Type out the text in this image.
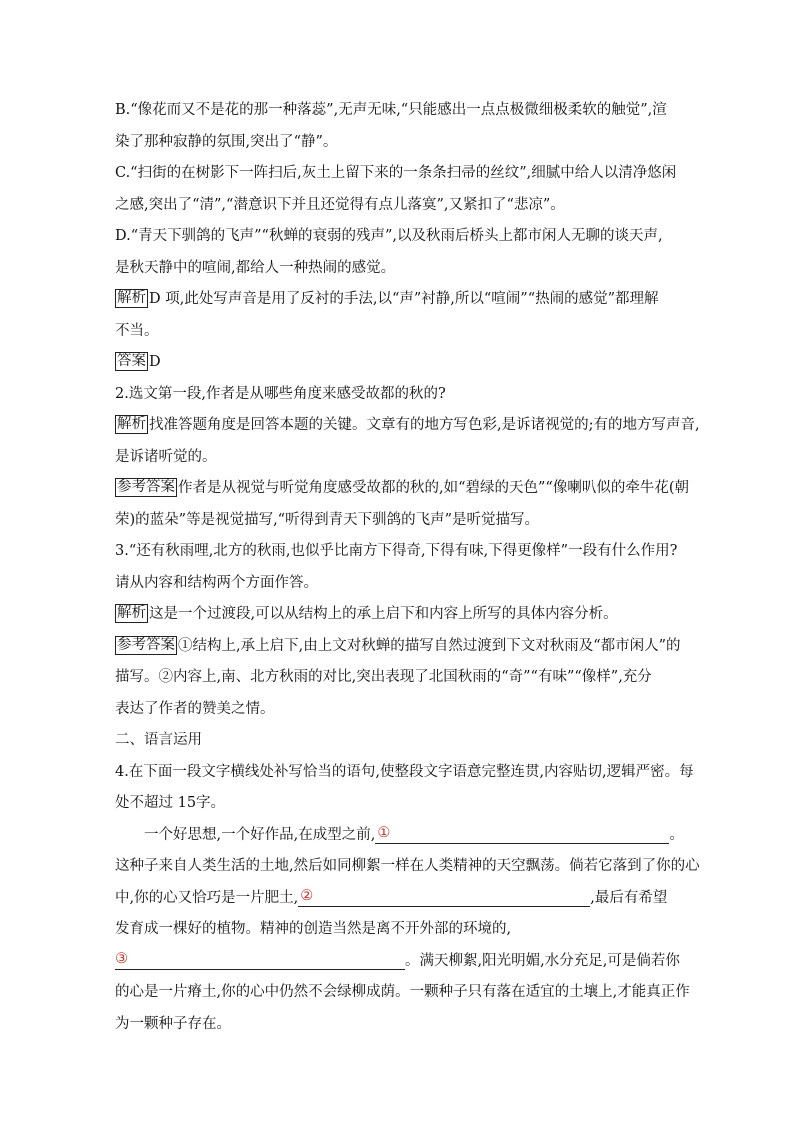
B.“像花而又不是花的那一种落蕊”,无声无味,“只能感出一点点极微细极柔软的触觉”,渲
染了那种寂静的氛围,突出了“静”。
C.“扫街的在树影下一阵扫后,灰土上留下来的一条条扫帚的丝纹”,细腻中给人以清净悠闲
之感,突出了“清”,“潜意识下并且还觉得有点儿落寞”,又紧扣了“悲凉”。
D.“青天下驯鸽的飞声”“秋蝉的衰弱的残声”,以及秋雨后桥头上都市闲人无聊的谈天声,
是秋天静中的喧闹,都给人一种热闹的感觉。
解析 D 项,此处写声音是用了反衬的手法,以“声”衬静,所以“喧闹”“热闹的感觉”都理解
不当。
答案 D
2.选文第一段,作者是从哪些角度来感受故都的秋的?
解析 找准答题角度是回答本题的关键。文章有的地方写色彩,是诉诸视觉的;有的地方写声音,
是诉诸听觉的。
参考答案 作者是从视觉与听觉角度感受故都的秋的,如“碧绿的天色”“像喇叭似的牵牛花(朝
荣)的蓝朵”等是视觉描写,“听得到青天下驯鸽的飞声”是听觉描写。
3.“还有秋雨哩,北方的秋雨,也似乎比南方下得奇,下得有味,下得更像样”一段有什么作用?
请从内容和结构两个方面作答。
解析 这是一个过渡段,可以从结构上的承上启下和内容上所写的具体内容分析。
参考答案 ①结构上,承上启下,由上文对秋蝉的描写自然过渡到下文对秋雨及“都市闲人”的
描写。②内容上,南、北方秋雨的对比,突出表现了北国秋雨的“奇”“有味”“像样”,充分
表达了作者的赞美之情。
二、语言运用
4.在下面一段文字横线处补写恰当的语句,使整段文字语意完整连贯,内容贴切,逻辑严密。每
处不超过 15字。
一个好思想,一个好作品,在成型之前, ①	。
这种子来自人类生活的土地,然后如同柳絮一样在人类精神的天空飘荡。倘若它落到了你的心
中,你的心又恰巧是一片肥土, ②	,最后有希望
发育成一棵好的植物。精神的创造当然是离不开外部的环境的,
③	。满天柳絮,阳光明媚,水分充足,可是倘若你
的心是一片瘠土,你的心中仍然不会绿柳成荫。一颗种子只有落在适宜的土壤上,才能真正作
为一颗种子存在。
